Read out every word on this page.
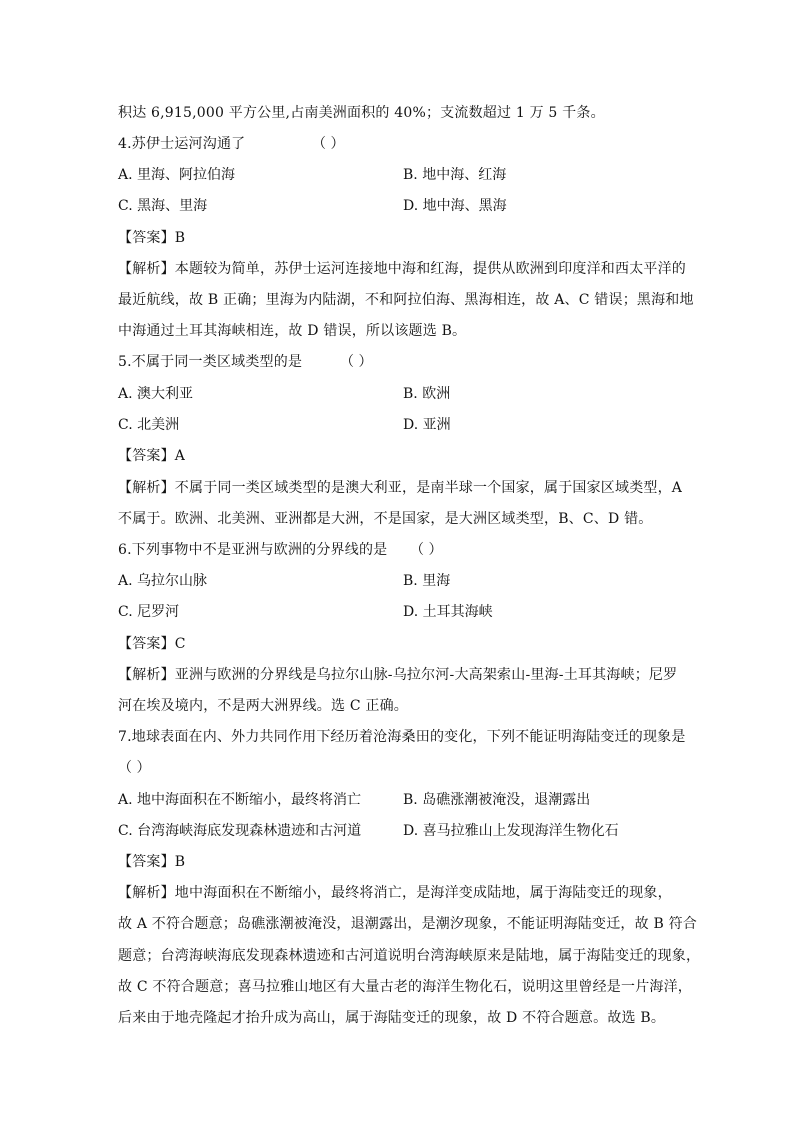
积达 6,915,000 平方公里,占南美洲面积的 40%；支流数超过 1 万 5 千条。
4.苏伊士运河沟通了	（ ）
A. 里海、阿拉伯海	B. 地中海、红海
C. 黑海、里海	D. 地中海、黑海
【答案】B
【解析】本题较为简单，苏伊士运河连接地中海和红海，提供从欧洲到印度洋和西太平洋的
最近航线，故 B 正确；里海为内陆湖，不和阿拉伯海、黑海相连，故 A、C 错误；黑海和地
中海通过土耳其海峡相连，故 D 错误，所以该题选 B。
5.不属于同一类区域类型的是	（ ）
A. 澳大利亚	B. 欧洲
C. 北美洲	D. 亚洲
【答案】A
【解析】不属于同一类区域类型的是澳大利亚，是南半球一个国家，属于国家区域类型，A
不属于。欧洲、北美洲、亚洲都是大洲，不是国家，是大洲区域类型，B、C、D 错。
6.下列事物中不是亚洲与欧洲的分界线的是 （ ）
A. 乌拉尔山脉	B. 里海
C. 尼罗河	D. 土耳其海峡
【答案】C
【解析】亚洲与欧洲的分界线是乌拉尔山脉-乌拉尔河-大高架索山-里海-土耳其海峡；尼罗
河在埃及境内，不是两大洲界线。选 C 正确。
7.地球表面在内、外力共同作用下经历着沧海桑田的变化，下列不能证明海陆变迁的现象是
（ ）
A. 地中海面积在不断缩小，最终将消亡	B. 岛礁涨潮被淹没，退潮露出
C. 台湾海峡海底发现森林遗迹和古河道	D. 喜马拉雅山上发现海洋生物化石
【答案】B
【解析】地中海面积在不断缩小，最终将消亡，是海洋变成陆地，属于海陆变迁的现象，
故 A 不符合题意；岛礁涨潮被淹没，退潮露出，是潮汐现象，不能证明海陆变迁，故 B 符合
题意；台湾海峡海底发现森林遗迹和古河道说明台湾海峡原来是陆地，属于海陆变迁的现象，
故 C 不符合题意；喜马拉雅山地区有大量古老的海洋生物化石，说明这里曾经是一片海洋，
后来由于地壳隆起才抬升成为高山，属于海陆变迁的现象，故 D 不符合题意。故选 B。
